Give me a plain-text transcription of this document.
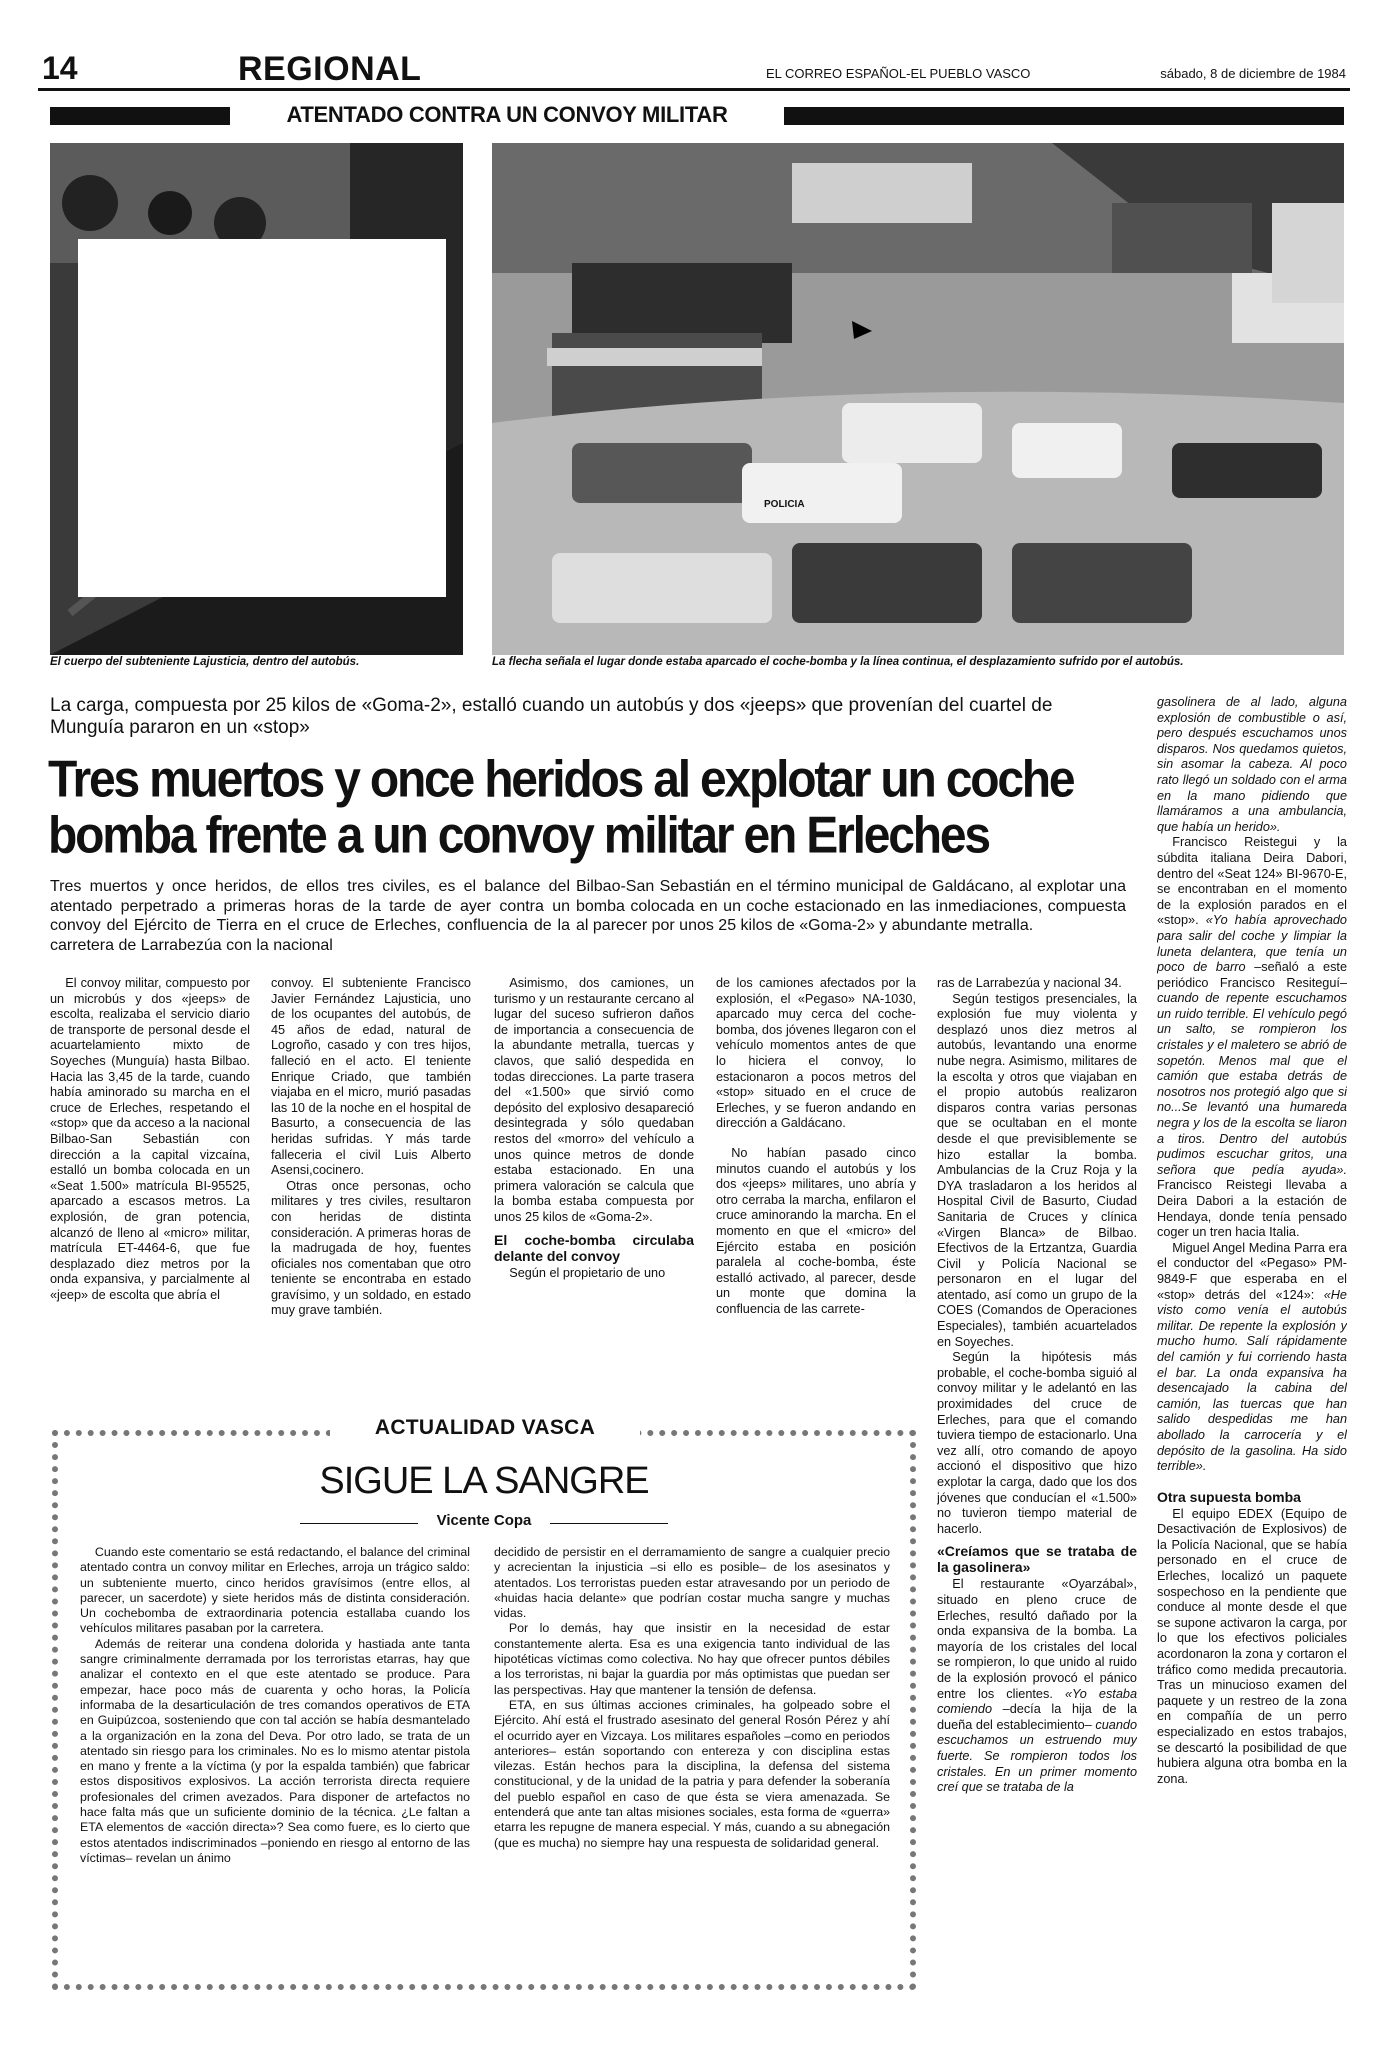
14	REGIONAL	EL CORREO ESPAÑOL-EL PUEBLO VASCO	sábado, 8 de diciembre de 1984
ATENTADO CONTRA UN CONVOY MILITAR
El cuerpo del subteniente Lajusticia, dentro del autobús.
POLICIA
La flecha señala el lugar donde estaba aparcado el coche-bomba y la línea continua, el desplazamiento sufrido por el autobús.
La carga, compuesta por 25 kilos de «Goma-2», estalló cuando un autobús y dos «jeeps» que provenían del cuartel de Munguía pararon en un «stop»
Tres muertos y once heridos al explotar un coche
bomba frente a un convoy militar en Erleches
Tres muertos y once heridos, de ellos tres civiles, es el balance del atentado perpetrado a primeras horas de la tarde de ayer contra un convoy del Ejército de Tierra en el cruce de Erleches, confluencia de la carretera de Larrabezúa con la nacional
Bilbao-San Sebastián en el término municipal de Galdácano, al explotar una bomba colocada en un coche estacionado en las inmediaciones, compuesta al parecer por unos 25 kilos de «Goma-2» y abundante metralla.

El convoy militar, compuesto por un microbús y dos «jeeps» de escolta, realizaba el servicio diario de transporte de personal desde el acuartelamiento mixto de Soyeches (Munguía) hasta Bilbao. Hacia las 3,45 de la tarde, cuando había aminorado su marcha en el cruce de Erleches, respetando el «stop» que da acceso a la nacional Bilbao-San Sebastián con dirección a la capital vizcaína, estalló un bomba colocada en un «Seat 1.500» matrícula BI-95525, aparcado a escasos metros. La explosión, de gran potencia, alcanzó de lleno al «micro» militar, matrícula ET-4464-6, que fue desplazado diez metros por la onda expansiva, y parcialmente al «jeep» de escolta que abría el

convoy. El subteniente Francisco Javier Fernández Lajusticia, uno de los ocupantes del autobús, de 45 años de edad, natural de Logroño, casado y con tres hijos, falleció en el acto. El teniente Enrique Criado, que también viajaba en el micro, murió pasadas las 10 de la noche en el hospital de Basurto, a consecuencia de las heridas sufridas. Y más tarde falleceria el civil Luis Alberto Asensi,cocinero.

Otras once personas, ocho militares y tres civiles, resultaron con heridas de distinta consideración. A primeras horas de la madrugada de hoy, fuentes oficiales nos comentaban que otro teniente se encontraba en estado gravísimo, y un soldado, en estado muy grave también.

Asimismo, dos camiones, un turismo y un restaurante cercano al lugar del suceso sufrieron daños de importancia a consecuencia de la abundante metralla, tuercas y clavos, que salió despedida en todas direcciones. La parte trasera del «1.500» que sirvió como depósito del explosivo desapareció desintegrada y sólo quedaban restos del «morro» del vehículo a unos quince metros de donde estaba estacionado. En una primera valoración se calcula que la bomba estaba compuesta por unos 25 kilos de «Goma-2».

El coche-bomba circulaba delante del convoy

Según el propietario de uno

de los camiones afectados por la explosión, el «Pegaso» NA-1030, aparcado muy cerca del coche-bomba, dos jóvenes llegaron con el vehículo momentos antes de que lo hiciera el convoy, lo estacionaron a pocos metros del «stop» situado en el cruce de Erleches, y se fueron andando en dirección a Galdácano.

No habían pasado cinco minutos cuando el autobús y los dos «jeeps» militares, uno abría y otro cerraba la marcha, enfilaron el cruce aminorando la marcha. En el momento en que el «micro» del Ejército estaba en posición paralela al coche-bomba, éste estalló activado, al parecer, desde un monte que domina la confluencia de las carrete-

ras de Larrabezúa y nacional 34.

Según testigos presenciales, la explosión fue muy violenta y desplazó unos diez metros al autobús, levantando una enorme nube negra. Asimismo, militares de la escolta y otros que viajaban en el propio autobús realizaron disparos contra varias personas que se ocultaban en el monte desde el que previsiblemente se hizo estallar la bomba. Ambulancias de la Cruz Roja y la DYA trasladaron a los heridos al Hospital Civil de Basurto, Ciudad Sanitaria de Cruces y clínica «Virgen Blanca» de Bilbao. Efectivos de la Ertzantza, Guardia Civil y Policía Nacional se personaron en el lugar del atentado, así como un grupo de la COES (Comandos de Operaciones Especiales), también acuartelados en Soyeches.

Según la hipótesis más probable, el coche-bomba siguió al convoy militar y le adelantó en las proximidades del cruce de Erleches, para que el comando tuviera tiempo de estacionarlo. Una vez allí, otro comando de apoyo accionó el dispositivo que hizo explotar la carga, dado que los dos jóvenes que conducían el «1.500» no tuvieron tiempo material de hacerlo.

«Creíamos que se trataba de la gasolinera»

El restaurante «Oyarzábal», situado en pleno cruce de Erleches, resultó dañado por la onda expansiva de la bomba. La mayoría de los cristales del local se rompieron, lo que unido al ruido de la explosión provocó el pánico entre los clientes. «Yo estaba comiendo –decía la hija de la dueña del establecimiento– cuando escuchamos un estruendo muy fuerte. Se rompieron todos los cristales. En un primer momento creí que se trataba de la

gasolinera de al lado, alguna explosión de combustible o así, pero después escuchamos unos disparos. Nos quedamos quietos, sin asomar la cabeza. Al poco rato llegó un soldado con el arma en la mano pidiendo que llamáramos a una ambulancia, que había un herido».

Francisco Reistegui y la súbdita italiana Deira Dabori, dentro del «Seat 124» BI-9670-E, se encontraban en el momento de la explosión parados en el «stop». «Yo había aprovechado para salir del coche y limpiar la luneta delantera, que tenía un poco de barro –señaló a este periódico Francisco Resiteguí– cuando de repente escuchamos un ruido terrible. El vehículo pegó un salto, se rompieron los cristales y el maletero se abrió de sopetón. Menos mal que el camión que estaba detrás de nosotros nos protegió algo que si no...Se levantó una humareda negra y los de la escolta se liaron a tiros. Dentro del autobús pudimos escuchar gritos, una señora que pedía ayuda». Francisco Reistegi llevaba a Deira Dabori a la estación de Hendaya, donde tenía pensado coger un tren hacia Italia.

Miguel Angel Medina Parra era el conductor del «Pegaso» PM-9849-F que esperaba en el «stop» detrás del «124»: «He visto como venía el autobús militar. De repente la explosión y mucho humo. Salí rápidamente del camión y fui corriendo hasta el bar. La onda expansiva ha desencajado la cabina del camión, las tuercas que han salido despedidas me han abollado la carrocería y el depósito de la gasolina. Ha sido terrible».

Otra supuesta bomba

El equipo EDEX (Equipo de Desactivación de Explosivos) de la Policía Nacional, que se había personado en el cruce de Erleches, localizó un paquete sospechoso en la pendiente que conduce al monte desde el que se supone activaron la carga, por lo que los efectivos policiales acordonaron la zona y cortaron el tráfico como medida precautoria. Tras un minucioso examen del paquete y un restreo de la zona en compañía de un perro especializado en estos trabajos, se descartó la posibilidad de que hubiera alguna otra bomba en la zona.

ACTUALIDAD VASCA
SIGUE LA SANGRE
Vicente Copa

Cuando este comentario se está redactando, el balance del criminal atentado contra un convoy militar en Erleches, arroja un trágico saldo: un subteniente muerto, cinco heridos gravísimos (entre ellos, al parecer, un sacerdote) y siete heridos más de distinta consideración. Un cochebomba de extraordinaria potencia estallaba cuando los vehículos militares pasaban por la carretera.

Además de reiterar una condena dolorida y hastiada ante tanta sangre criminalmente derramada por los terroristas etarras, hay que analizar el contexto en el que este atentado se produce. Para empezar, hace poco más de cuarenta y ocho horas, la Policía informaba de la desarticulación de tres comandos operativos de ETA en Guipúzcoa, sosteniendo que con tal acción se había desmantelado a la organización en la zona del Deva. Por otro lado, se trata de un atentado sin riesgo para los criminales. No es lo mismo atentar pistola en mano y frente a la víctima (y por la espalda también) que fabricar estos dispositivos explosivos. La acción terrorista directa requiere profesionales del crimen avezados. Para disponer de artefactos no hace falta más que un suficiente dominio de la técnica. ¿Le faltan a ETA elementos de «acción directa»? Sea como fuere, es lo cierto que estos atentados indiscriminados –poniendo en riesgo al entorno de las víctimas– revelan un ánimo

decidido de persistir en el derramamiento de sangre a cualquier precio y acrecientan la injusticia –si ello es posible– de los asesinatos y atentados. Los terroristas pueden estar atravesando por un periodo de «huidas hacia delante» que podrían costar mucha sangre y muchas vidas.

Por lo demás, hay que insistir en la necesidad de estar constantemente alerta. Esa es una exigencia tanto individual de las hipotéticas víctimas como colectiva. No hay que ofrecer puntos débiles a los terroristas, ni bajar la guardia por más optimistas que puedan ser las perspectivas. Hay que mantener la tensión de defensa.

ETA, en sus últimas acciones criminales, ha golpeado sobre el Ejército. Ahí está el frustrado asesinato del general Rosón Pérez y ahí el ocurrido ayer en Vizcaya. Los militares españoles –como en periodos anteriores– están soportando con entereza y con disciplina estas vilezas. Están hechos para la disciplina, la defensa del sistema constitucional, y de la unidad de la patria y para defender la soberanía del pueblo español en caso de que ésta se viera amenazada. Se entenderá que ante tan altas misiones sociales, esta forma de «guerra» etarra les repugne de manera especial. Y más, cuando a su abnegación (que es mucha) no siempre hay una respuesta de solidaridad general.
